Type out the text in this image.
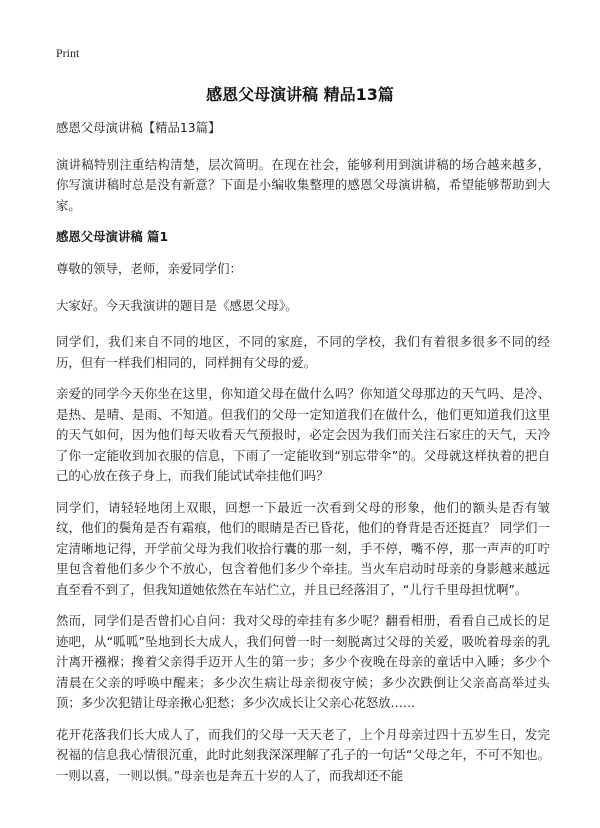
Print
感恩父母演讲稿 精品13篇
感恩父母演讲稿【精品13篇】
演讲稿特别注重结构清楚，层次简明。在现在社会，能够利用到演讲稿的场合越来越多，你写演讲稿时总是没有新意？下面是小编收集整理的感恩父母演讲稿，希望能够帮助到大家。
感恩父母演讲稿 篇1
尊敬的领导，老师，亲爱同学们：
大家好。今天我演讲的题目是《感恩父母》。
同学们，我们来自不同的地区，不同的家庭，不同的学校，我们有着很多很多不同的经历，但有一样我们相同的，同样拥有父母的爱。
亲爱的同学今天你坐在这里，你知道父母在做什么吗？你知道父母那边的天气吗、是冷、是热、是晴、是雨、不知道。但我们的父母一定知道我们在做什么，他们更知道我们这里的天气如何，因为他们每天收看天气预报时，必定会因为我们而关注石家庄的天气，天冷了你一定能收到加衣服的信息，下雨了一定能收到“别忘带伞”的。父母就这样执着的把自己的心放在孩子身上，而我们能试试牵挂他们吗？
同学们，请轻轻地闭上双眼，回想一下最近一次看到父母的形象，他们的额头是否有皱纹，他们的鬓角是否有霜痕，他们的眼睛是否已昏花，他们的脊背是否还挺直？ 同学们一定清晰地记得，开学前父母为我们收拾行囊的那一刻，手不停，嘴不停，那一声声的叮咛里包含着他们多少个不放心，包含着他们多少个牵挂。当火车启动时母亲的身影越来越远直至看不到了，但我知道她依然在车站伫立，并且已经落泪了，“儿行千里母担忧啊”。
然而，同学们是否曾扪心自问：我对父母的牵挂有多少呢？翻看相册，看看自己成长的足迹吧，从“呱呱”坠地到长大成人，我们何曾一时一刻脱离过父母的关爱，吸吮着母亲的乳汁离开襁褓；搀着父亲得手迈开人生的第一步；多少个夜晚在母亲的童话中入睡；多少个清晨在父亲的呼唤中醒来；多少次生病让母亲彻夜守候；多少次跌倒让父亲高高举过头顶；多少次犯错让母亲揪心犯愁；多少次成长让父亲心花怒放……
花开花落我们长大成人了，而我们的父母一天天老了，上个月母亲过四十五岁生日，发完祝福的信息我心情很沉重，此时此刻我深深理解了孔子的一句话“父母之年，不可不知也。一则以喜，一则以惧。”母亲也是奔五十岁的人了，而我却还不能
